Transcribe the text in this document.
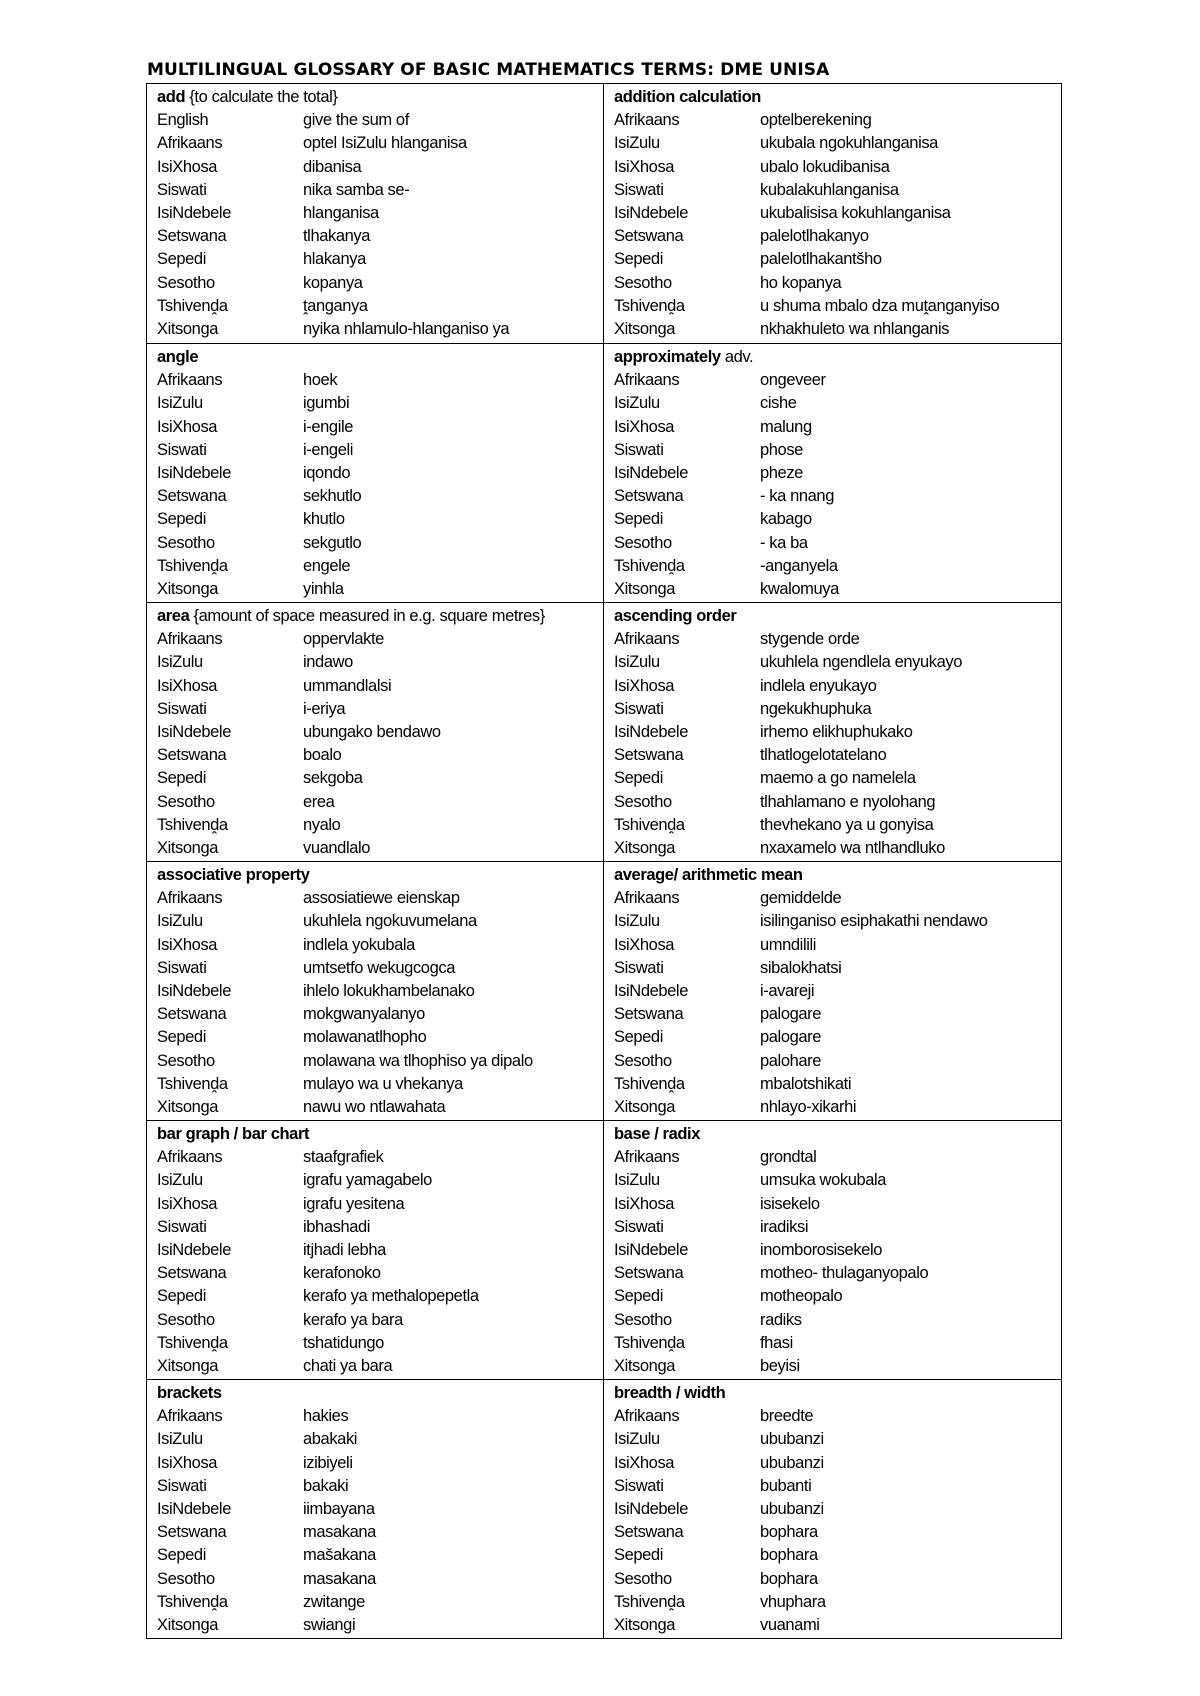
MULTILINGUAL GLOSSARY OF BASIC MATHEMATICS TERMS: DME UNISA
add {to calculate the total}
English	give the sum of
Afrikaans	optel IsiZulu hlanganisa
IsiXhosa	dibanisa
Siswati	nika samba se-
IsiNdebele	hlanganisa
Setswana	tlhakanya
Sepedi	hlakanya
Sesotho	kopanya
Tshivenḓa	ṱanganya
Xitsonga	nyika nhlamulo-hlanganiso ya
addition calculation
Afrikaans	optelberekening
IsiZulu	ukubala ngokuhlanganisa
IsiXhosa	ubalo lokudibanisa
Siswati	kubalakuhlanganisa
IsiNdebele	ukubalisisa kokuhlanganisa
Setswana	palelotlhakanyo
Sepedi	palelotlhakantšho
Sesotho	ho kopanya
Tshivenḓa	u shuma mbalo dza muṱanganyiso
Xitsonga	nkhakhuleto wa nhlanganis
angle
Afrikaans	hoek
IsiZulu	igumbi
IsiXhosa	i-engile
Siswati	i-engeli
IsiNdebele	iqondo
Setswana	sekhutlo
Sepedi	khutlo
Sesotho	sekgutlo
Tshivenḓa	engele
Xitsonga	yinhla
approximately adv.
Afrikaans	ongeveer
IsiZulu	cishe
IsiXhosa	malung
Siswati	phose
IsiNdebele	pheze
Setswana	- ka nnang
Sepedi	kabago
Sesotho	- ka ba
Tshivenḓa	-anganyela
Xitsonga	kwalomuya
area {amount of space measured in e.g. square metres}
Afrikaans	oppervlakte
IsiZulu	indawo
IsiXhosa	ummandlalsi
Siswati	i-eriya
IsiNdebele	ubungako bendawo
Setswana	boalo
Sepedi	sekgoba
Sesotho	erea
Tshivenḓa	nyalo
Xitsonga	vuandlalo
ascending order
Afrikaans	stygende orde
IsiZulu	ukuhlela ngendlela enyukayo
IsiXhosa	indlela enyukayo
Siswati	ngekukhuphuka
IsiNdebele	irhemo elikhuphukako
Setswana	tlhatlogelotatelano
Sepedi	maemo a go namelela
Sesotho	tlhahlamano e nyolohang
Tshivenḓa	thevhekano ya u gonyisa
Xitsonga	nxaxamelo wa ntlhandluko
associative property
Afrikaans	assosiatiewe eienskap
IsiZulu	ukuhlela ngokuvumelana
IsiXhosa	indlela yokubala
Siswati	umtsetfo wekugcogca
IsiNdebele	ihlelo lokukhambelanako
Setswana	mokgwanyalanyo
Sepedi	molawanatlhopho
Sesotho	molawana wa tlhophiso ya dipalo
Tshivenḓa	mulayo wa u vhekanya
Xitsonga	nawu wo ntlawahata
average/ arithmetic mean
Afrikaans	gemiddelde
IsiZulu	isilinganiso esiphakathi nendawo
IsiXhosa	umndilili
Siswati	sibalokhatsi
IsiNdebele	i-avareji
Setswana	palogare
Sepedi	palogare
Sesotho	palohare
Tshivenḓa	mbalotshikati
Xitsonga	nhlayo-xikarhi
bar graph / bar chart
Afrikaans	staafgrafiek
IsiZulu	igrafu yamagabelo
IsiXhosa	igrafu yesitena
Siswati	ibhashadi
IsiNdebele	itjhadi lebha
Setswana	kerafonoko
Sepedi	kerafo ya methalopepetla
Sesotho	kerafo ya bara
Tshivenḓa	tshatidungo
Xitsonga	chati ya bara
base / radix
Afrikaans	grondtal
IsiZulu	umsuka wokubala
IsiXhosa	isisekelo
Siswati	iradiksi
IsiNdebele	inomborosisekelo
Setswana	motheo- thulaganyopalo
Sepedi	motheopalo
Sesotho	radiks
Tshivenḓa	fhasi
Xitsonga	beyisi
brackets
Afrikaans	hakies
IsiZulu	abakaki
IsiXhosa	izibiyeli
Siswati	bakaki
IsiNdebele	iimbayana
Setswana	masakana
Sepedi	mašakana
Sesotho	masakana
Tshivenḓa	zwitange
Xitsonga	swiangi
breadth / width
Afrikaans	breedte
IsiZulu	ububanzi
IsiXhosa	ububanzi
Siswati	bubanti
IsiNdebele	ububanzi
Setswana	bophara
Sepedi	bophara
Sesotho	bophara
Tshivenḓa	vhuphara
Xitsonga	vuanami
